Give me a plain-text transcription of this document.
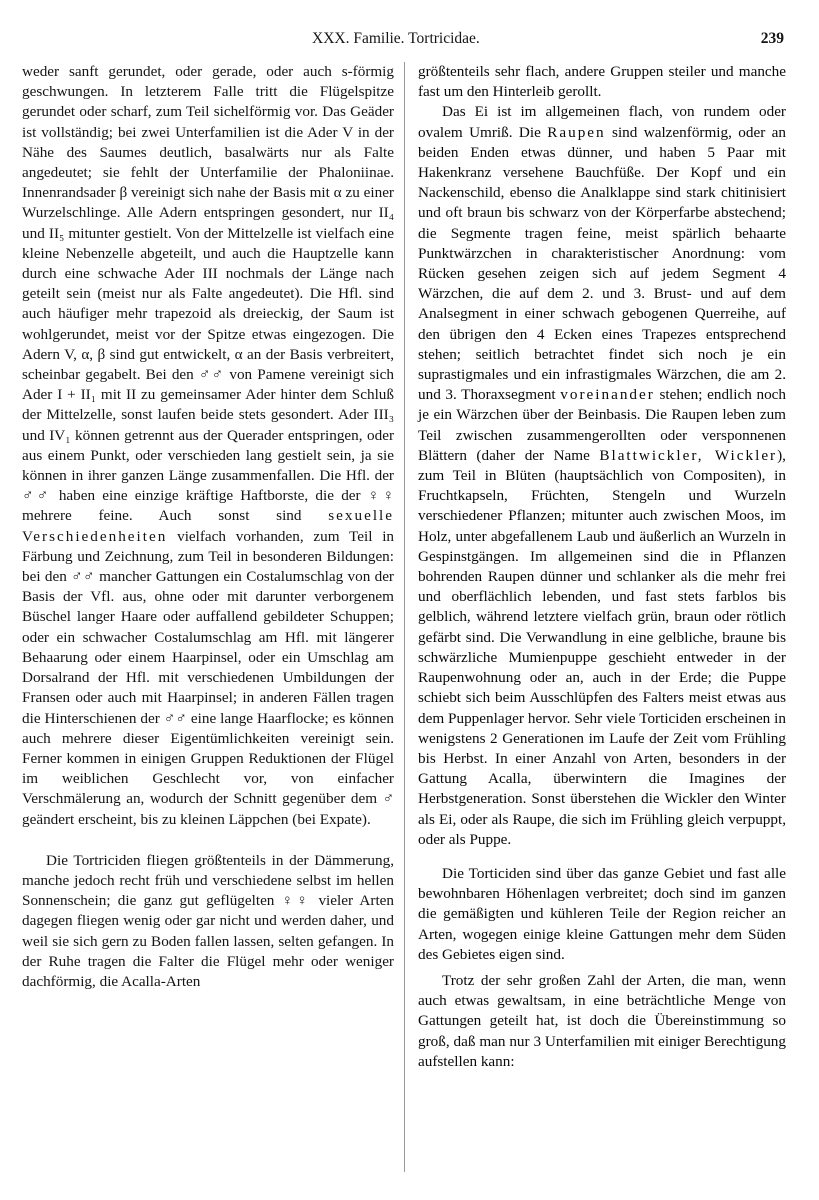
XXX. Familie. Tortricidae.	239

weder sanft gerundet, oder gerade, oder auch s-förmig geschwungen. In letzterem Falle tritt die Flügelspitze gerundet oder scharf, zum Teil sichelförmig vor. Das Geäder ist vollständig; bei zwei Unterfamilien ist die Ader V in der Nähe des Saumes deutlich, basalwärts nur als Falte angedeutet; sie fehlt der Unterfamilie der Phaloniinae. Innenrandsader β vereinigt sich nahe der Basis mit α zu einer Wurzelschlinge. Alle Adern entspringen gesondert, nur II₄ und II₅ mitunter gestielt. Von der Mittelzelle ist vielfach eine kleine Nebenzelle abgeteilt, und auch die Hauptzelle kann durch eine schwache Ader III nochmals der Länge nach geteilt sein (meist nur als Falte angedeutet). Die Hfl. sind auch häufiger mehr trapezoid als dreieckig, der Saum ist wohlgerundet, meist vor der Spitze etwas eingezogen. Die Adern V, α, β sind gut entwickelt, α an der Basis verbreitert, scheinbar gegabelt. Bei den ♂♂ von Pamene vereinigt sich Ader I + II₁ mit II zu gemeinsamer Ader hinter dem Schluß der Mittelzelle, sonst laufen beide stets gesondert. Ader III₃ und IV₁ können getrennt aus der Querader entspringen, oder aus einem Punkt, oder verschieden lang gestielt sein, ja sie können in ihrer ganzen Länge zusammenfallen. Die Hfl. der ♂♂ haben eine einzige kräftige Haftborste, die der ♀♀ mehrere feine. Auch sonst sind sexuelle Verschiedenheiten vielfach vorhanden, zum Teil in Färbung und Zeichnung, zum Teil in besonderen Bildungen: bei den ♂♂ mancher Gattungen ein Costalumschlag von der Basis der Vfl. aus, ohne oder mit darunter verborgenem Büschel langer Haare oder auffallend gebildeter Schuppen; oder ein schwacher Costalumschlag am Hfl. mit längerer Behaarung oder einem Haarpinsel, oder ein Umschlag am Dorsalrand der Hfl. mit verschiedenen Umbildungen der Fransen oder auch mit Haarpinsel; in anderen Fällen tragen die Hinterschienen der ♂♂ eine lange Haarflocke; es können auch mehrere dieser Eigentümlichkeiten vereinigt sein. Ferner kommen in einigen Gruppen Reduktionen der Flügel im weiblichen Geschlecht vor, von einfacher Verschmälerung an, wodurch der Schnitt gegenüber dem ♂ geändert erscheint, bis zu kleinen Läppchen (bei Expate).

Die Tortriciden fliegen größtenteils in der Dämmerung, manche jedoch recht früh und verschiedene selbst im hellen Sonnenschein; die ganz gut geflügelten ♀♀ vieler Arten dagegen fliegen wenig oder gar nicht und werden daher, und weil sie sich gern zu Boden fallen lassen, selten gefangen. In der Ruhe tragen die Falter die Flügel mehr oder weniger dachförmig, die Acalla-Arten

größtenteils sehr flach, andere Gruppen steiler und manche fast um den Hinterleib gerollt.

Das Ei ist im allgemeinen flach, von rundem oder ovalem Umriß. Die Raupen sind walzenförmig, oder an beiden Enden etwas dünner, und haben 5 Paar mit Hakenkranz versehene Bauchfüße. Der Kopf und ein Nackenschild, ebenso die Analklappe sind stark chitinisiert und oft braun bis schwarz von der Körperfarbe abstechend; die Segmente tragen feine, meist spärlich behaarte Punktwärzchen in charakteristischer Anordnung: vom Rücken gesehen zeigen sich auf jedem Segment 4 Wärzchen, die auf dem 2. und 3. Brust- und auf dem Analsegment in einer schwach gebogenen Querreihe, auf den übrigen den 4 Ecken eines Trapezes entsprechend stehen; seitlich betrachtet findet sich noch je ein suprastigmales und ein infrastigmales Wärzchen, die am 2. und 3. Thoraxsegment voreinander stehen; endlich noch je ein Wärzchen über der Beinbasis. Die Raupen leben zum Teil zwischen zusammengerollten oder versponnenen Blättern (daher der Name Blattwickler, Wickler), zum Teil in Blüten (hauptsächlich von Compositen), in Fruchtkapseln, Früchten, Stengeln und Wurzeln verschiedener Pflanzen; mitunter auch zwischen Moos, im Holz, unter abgefallenem Laub und äußerlich an Wurzeln in Gespinstgängen. Im allgemeinen sind die in Pflanzen bohrenden Raupen dünner und schlanker als die mehr frei und oberflächlich lebenden, und fast stets farblos bis gelblich, während letztere vielfach grün, braun oder rötlich gefärbt sind. Die Verwandlung in eine gelbliche, braune bis schwärzliche Mumienpuppe geschieht entweder in der Raupenwohnung oder an, auch in der Erde; die Puppe schiebt sich beim Ausschlüpfen des Falters meist etwas aus dem Puppenlager hervor. Sehr viele Torticiden erscheinen in wenigstens 2 Generationen im Laufe der Zeit vom Frühling bis Herbst. In einer Anzahl von Arten, besonders in der Gattung Acalla, überwintern die Imagines der Herbstgeneration. Sonst überstehen die Wickler den Winter als Ei, oder als Raupe, die sich im Frühling gleich verpuppt, oder als Puppe.

Die Torticiden sind über das ganze Gebiet und fast alle bewohnbaren Höhenlagen verbreitet; doch sind im ganzen die gemäßigten und kühleren Teile der Region reicher an Arten, wogegen einige kleine Gattungen mehr dem Süden des Gebietes eigen sind.

Trotz der sehr großen Zahl der Arten, die man, wenn auch etwas gewaltsam, in eine beträchtliche Menge von Gattungen geteilt hat, ist doch die Übereinstimmung so groß, daß man nur 3 Unterfamilien mit einiger Berechtigung aufstellen kann:
